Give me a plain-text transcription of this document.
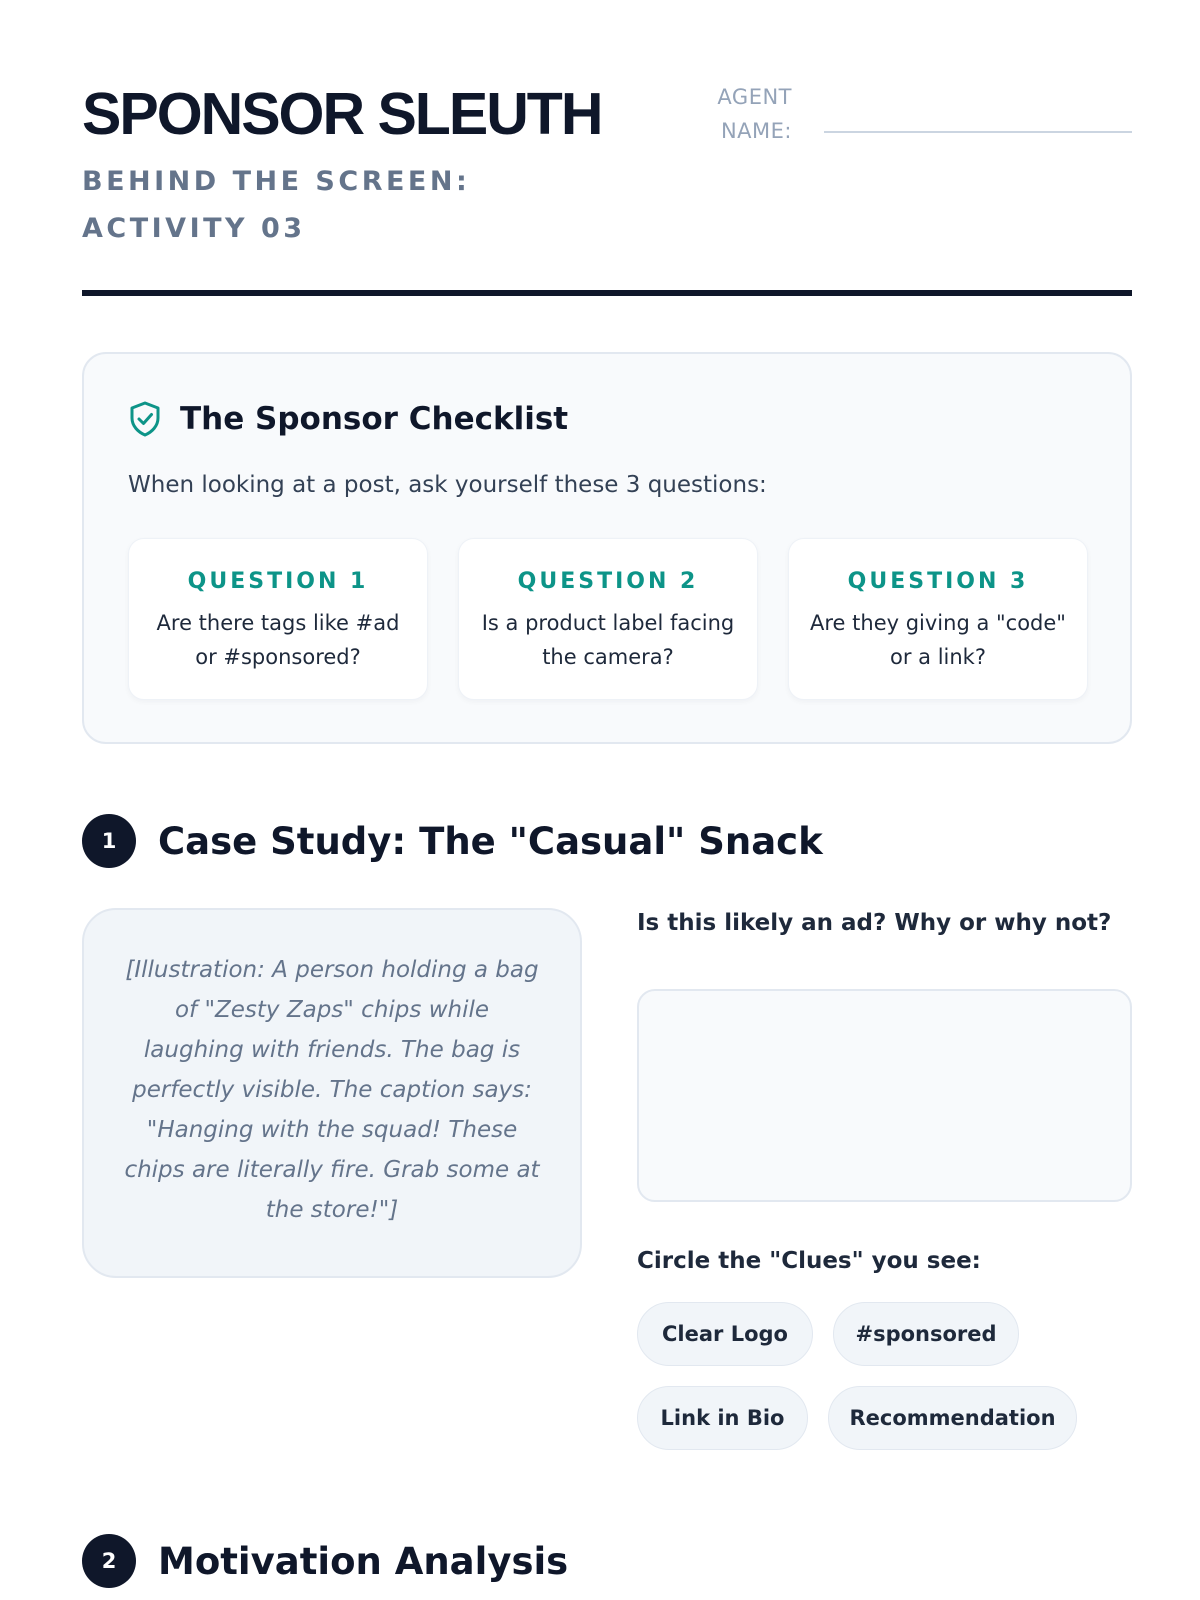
SPONSOR SLEUTH
BEHIND THE SCREEN: ACTIVITY 03
AGENT
NAME:
The Sponsor Checklist
When looking at a post, ask yourself these 3 questions:
QUESTION 1
Are there tags like #ad or #sponsored?
QUESTION 2
Is a product label facing the camera?
QUESTION 3
Are they giving a "code" or a link?
1	Case Study: The "Casual" Snack
[Illustration: A person holding a bag of "Zesty Zaps" chips while laughing with friends. The bag is perfectly visible. The caption says: "Hanging with the squad! These chips are literally fire. Grab some at the store!"]
Is this likely an ad? Why or why not?
Circle the "Clues" you see:
Clear Logo	#sponsored
Link in Bio	Recommendation
2	Motivation Analysis
